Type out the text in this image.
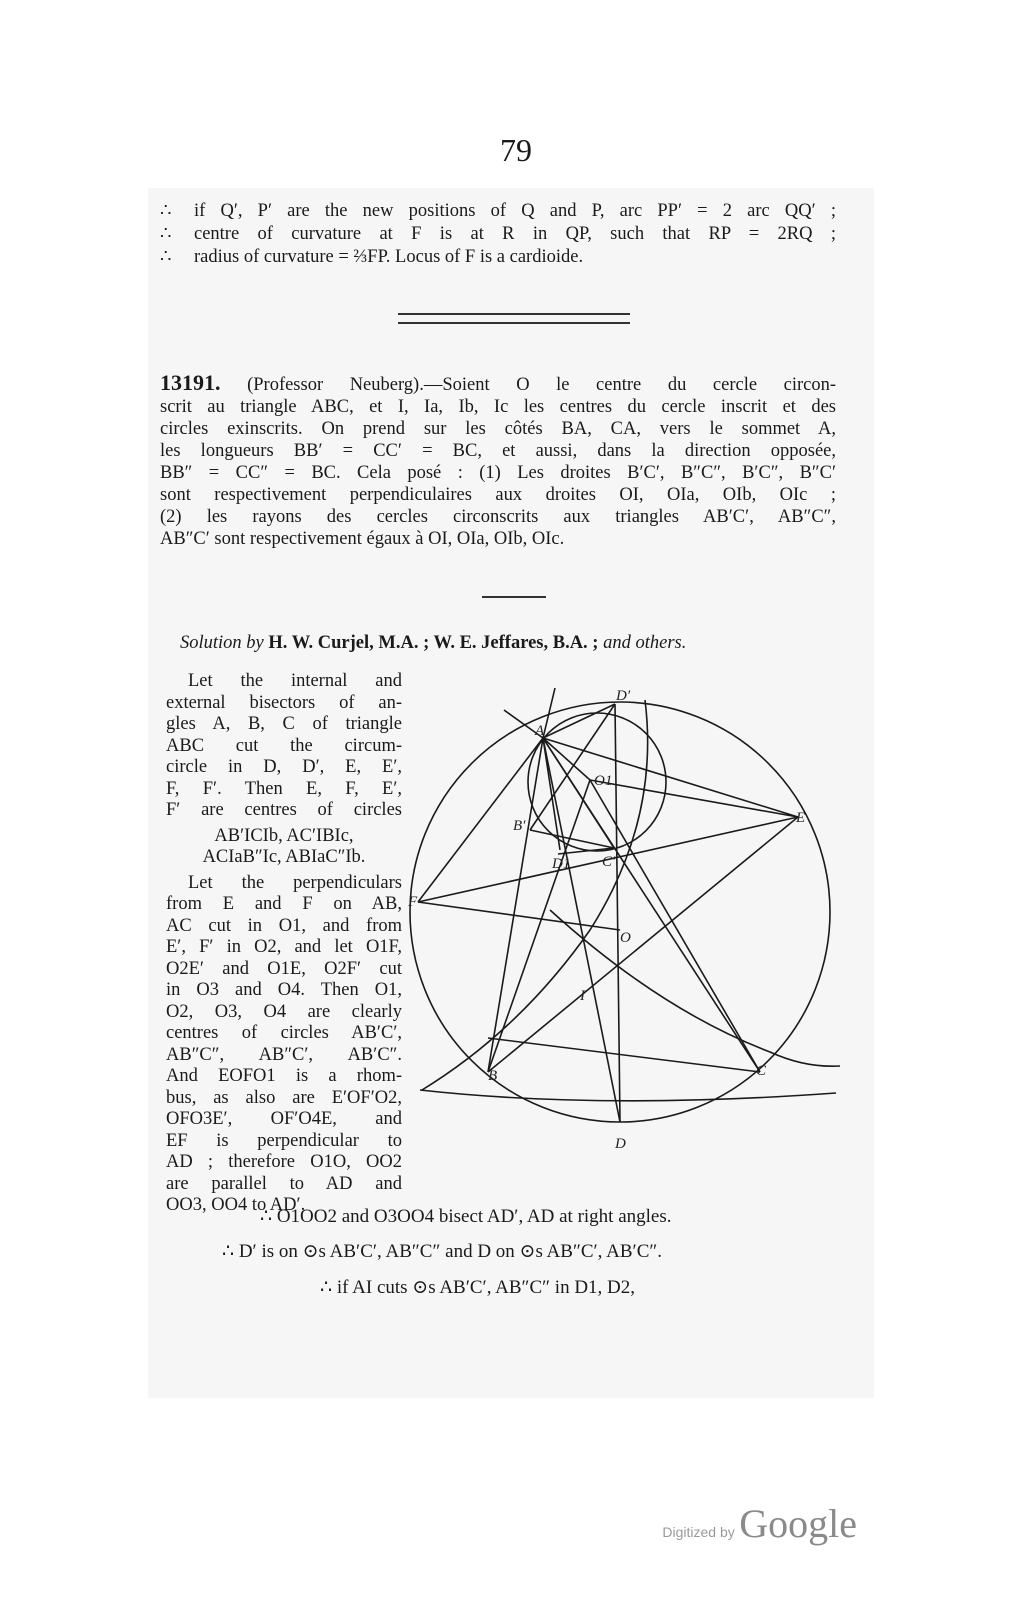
79
∴ if Q′, P′ are the new positions of Q and P, arc PP′ = 2 arc QQ′ ;
∴ centre of curvature at F is at R in QP, such that RP = 2RQ ;
∴ radius of curvature = ⅔FP. Locus of F is a cardioide.
13191. (Professor Neuberg).—Soient O le centre du cercle circon-
scrit au triangle ABC, et I, Ia, Ib, Ic les centres du cercle inscrit et des
circles exinscrits. On prend sur les côtés BA, CA, vers le sommet A,
les longueurs BB′ = CC′ = BC, et aussi, dans la direction opposée,
BB″ = CC″ = BC. Cela posé : (1) Les droites B′C′, B″C″, B′C″, B″C′
sont respectivement perpendiculaires aux droites OI, OIa, OIb, OIc ;
(2) les rayons des cercles circonscrits aux triangles AB′C′, AB″C″,
AB″C′ sont respectivement égaux à OI, OIa, OIb, OIc.
Solution by H. W. Curjel, M.A. ; W. E. Jeffares, B.A. ; and others.
Let the internal and
external bisectors of an-
gles A, B, C of triangle
ABC cut the circum-
circle in D, D′, E, E′,
F, F′. Then E, F, E′,
F′ are centres of circles
AB′ICIb, AC′IBIc,
ACIaB″Ic, ABIaC″Ib.
Let the perpendiculars
from E and F on AB,
AC cut in O1, and from
E′, F′ in O2, and let O1F,
O2E′ and O1E, O2F′ cut
in O3 and O4. Then O1,
O2, O3, O4 are clearly
centres of circles AB′C′,
AB″C″, AB″C′, AB′C″.
And EOFO1 is a rhom-
bus, as also are E′OF′O2,
OFO3E′, OF′O4E, and
EF is perpendicular to
AD ; therefore O1O, OO2
are parallel to AD and
OO3, OO4 to AD′.
A
D′
O1
E
B′
D1 C′
F
O
I
B	C
D
∴ O1OO2 and O3OO4 bisect AD′, AD at right angles.
∴ D′ is on ⊙s AB′C′, AB″C″ and D on ⊙s AB″C′, AB′C″.
∴ if AI cuts ⊙s AB′C′, AB″C″ in D1, D2,
Digitized by Google
